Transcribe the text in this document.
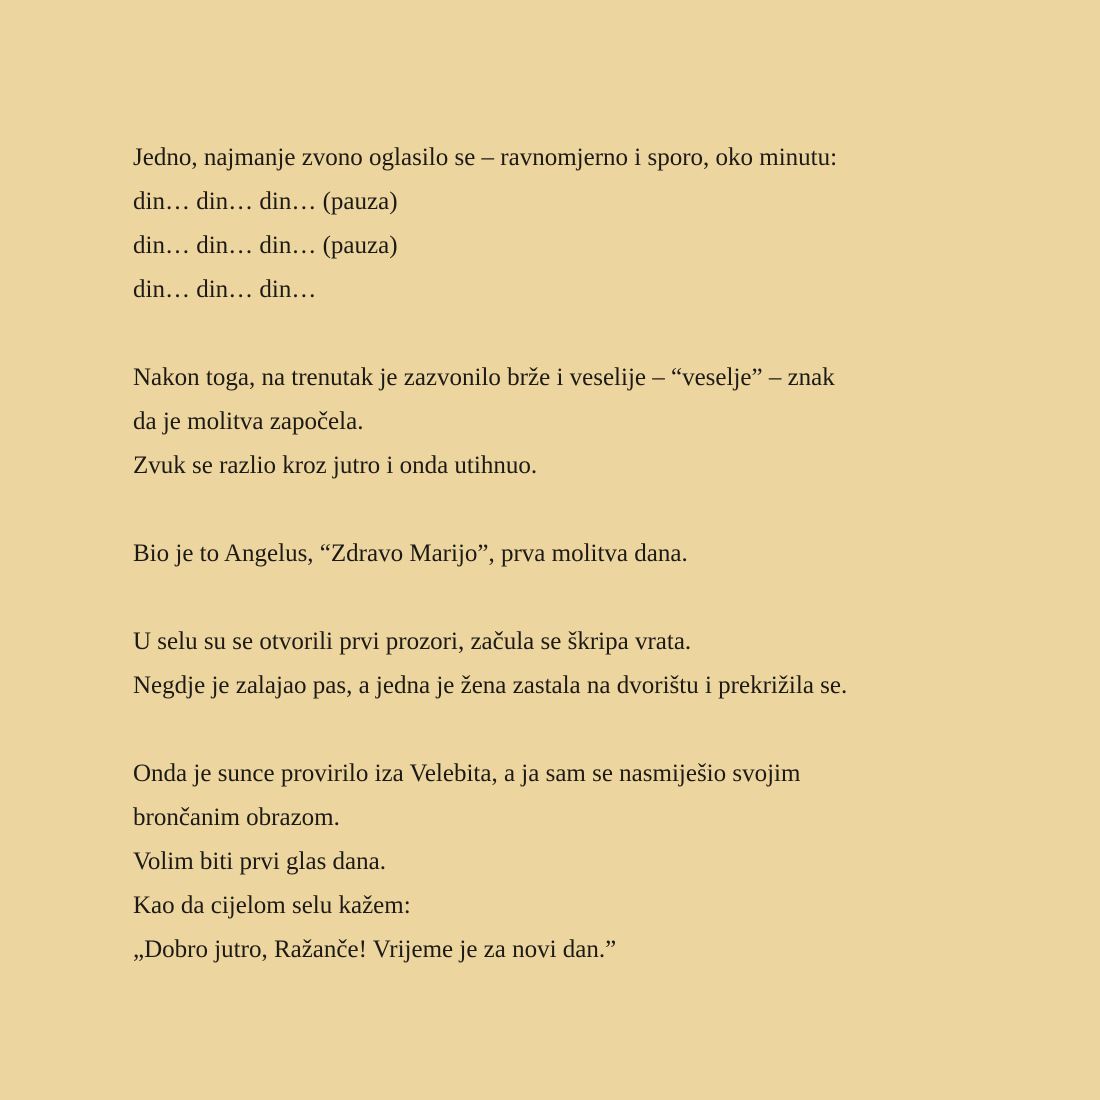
Jedno, najmanje zvono oglasilo se – ravnomjerno i sporo, oko minutu:
din… din… din… (pauza)
din… din… din… (pauza)
din… din… din…

Nakon toga, na trenutak je zazvonilo brže i veselije – “veselje” – znak
da je molitva započela.
Zvuk se razlio kroz jutro i onda utihnuo.

Bio je to Angelus, “Zdravo Marijo”, prva molitva dana.

U selu su se otvorili prvi prozori, začula se škripa vrata.
Negdje je zalajao pas, a jedna je žena zastala na dvorištu i prekrižila se.

Onda je sunce provirilo iza Velebita, a ja sam se nasmiješio svojim
brončanim obrazom.
Volim biti prvi glas dana.
Kao da cijelom selu kažem:
„Dobro jutro, Ražanče! Vrijeme je za novi dan.”
